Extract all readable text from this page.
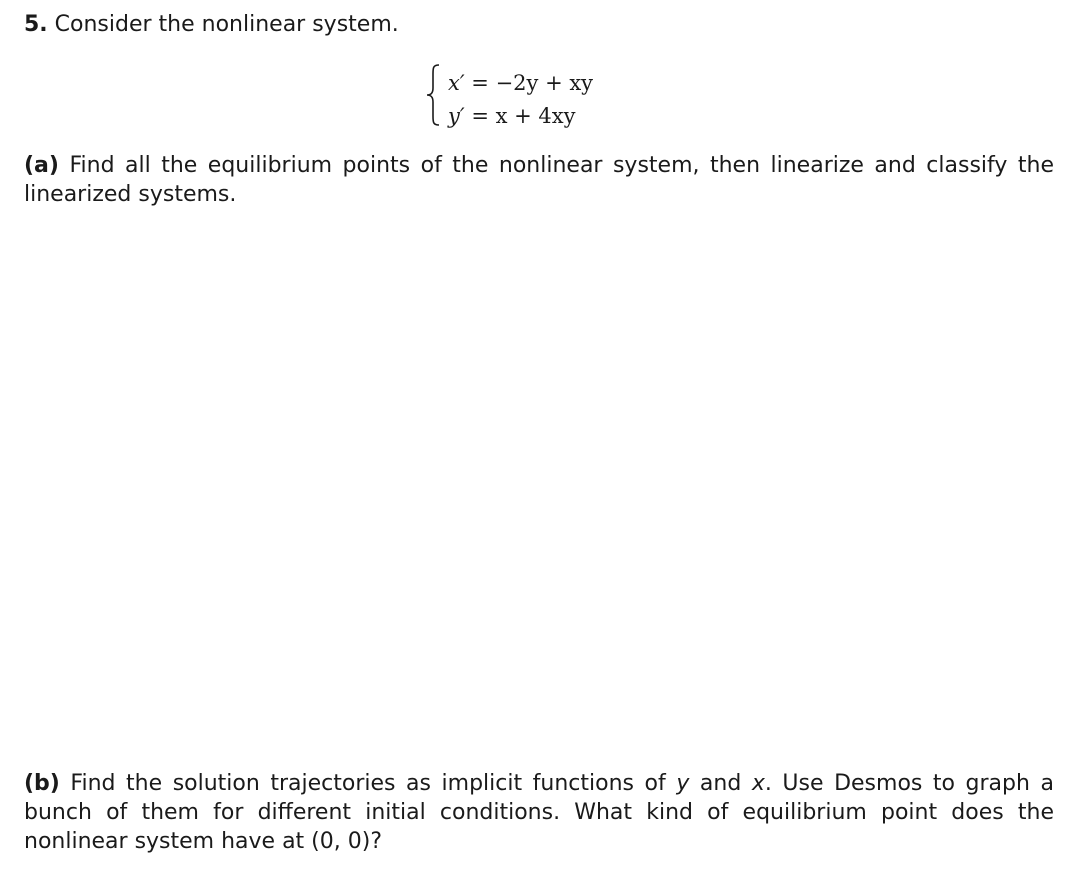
5. Consider the nonlinear system.
x′ = −2y + xy
y′ = x + 4xy
(a) Find all the equilibrium points of the nonlinear system, then linearize and classify the linearized systems.
(b) Find the solution trajectories as implicit functions of y and x. Use Desmos to graph a bunch of them for different initial conditions. What kind of equilibrium point does the nonlinear system have at (0, 0)?
